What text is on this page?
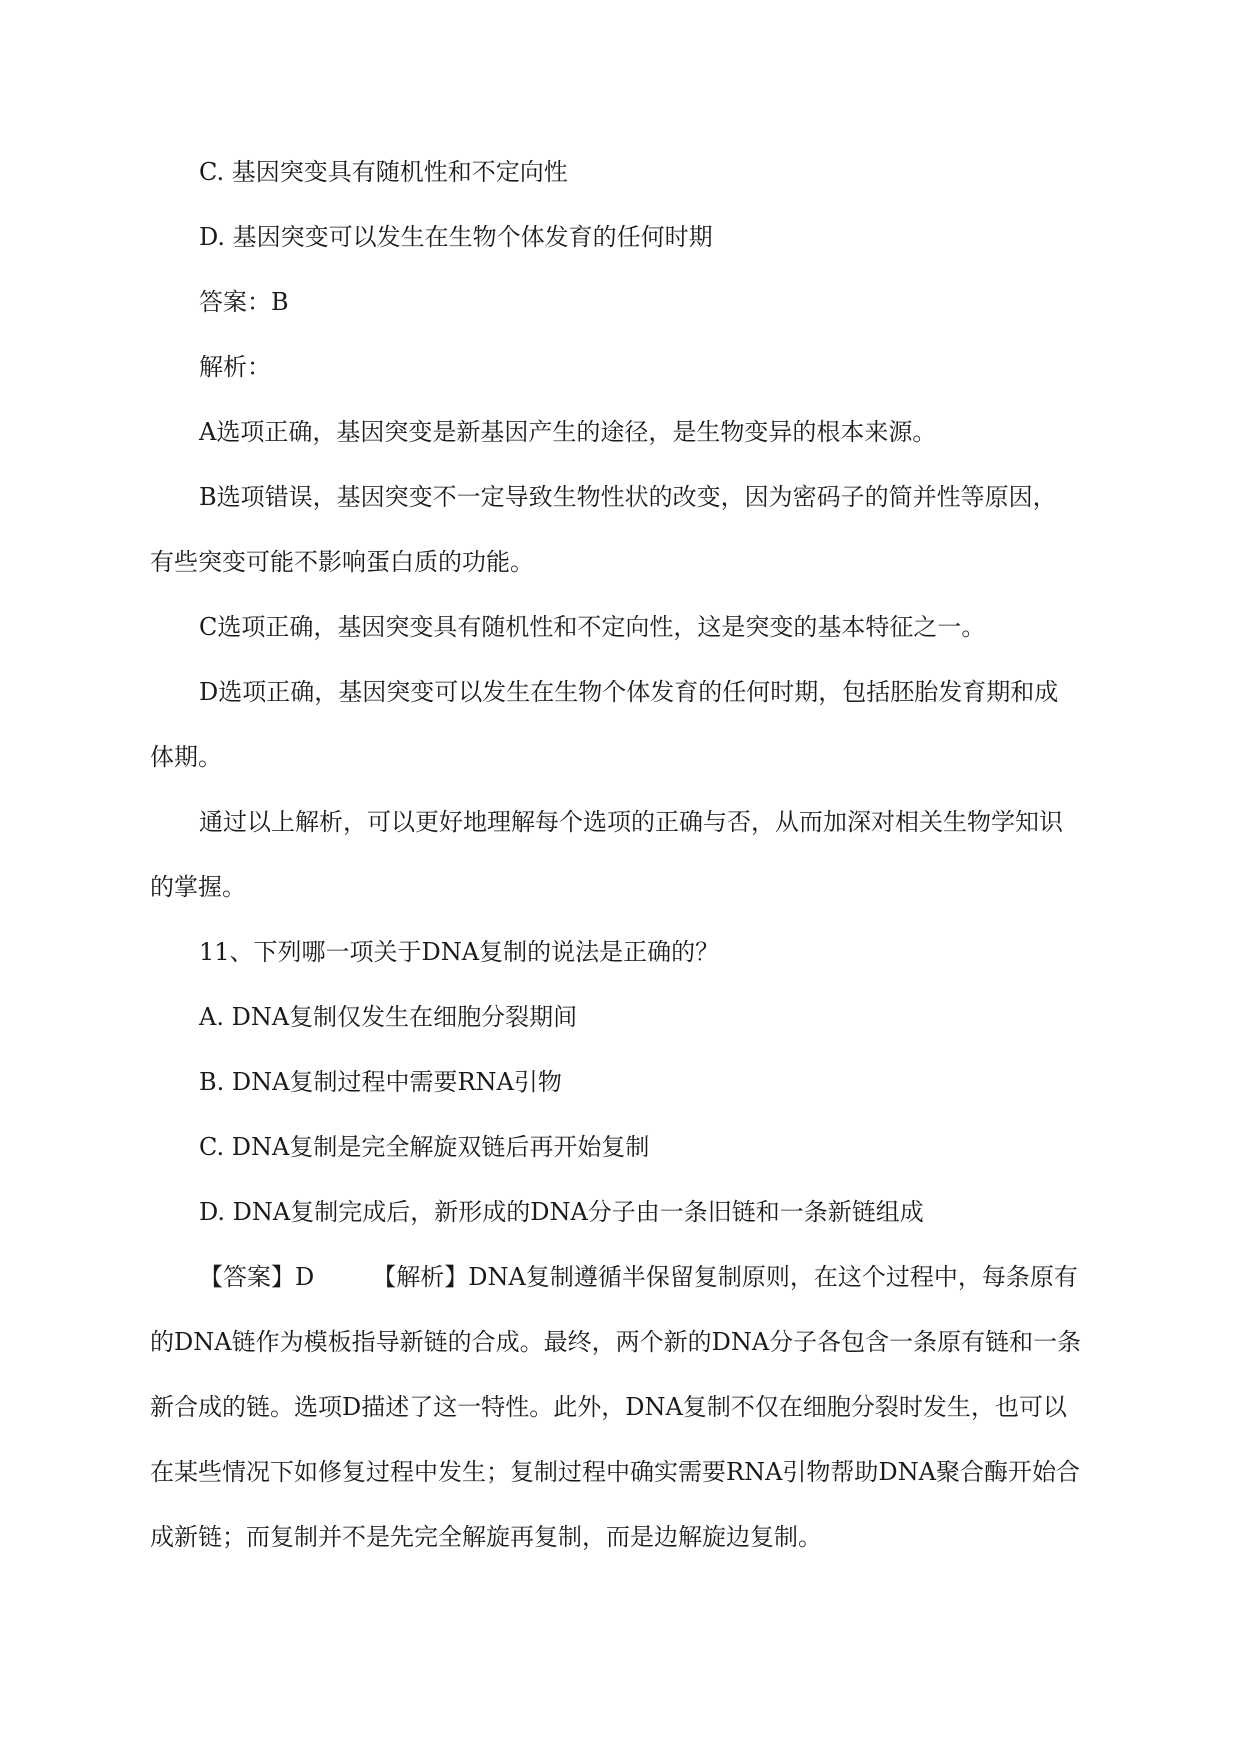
C. 基因突变具有随机性和不定向性
D. 基因突变可以发生在生物个体发育的任何时期
答案：B
解析：
A选项正确，基因突变是新基因产生的途径，是生物变异的根本来源。
B选项错误，基因突变不一定导致生物性状的改变，因为密码子的简并性等原因，
有些突变可能不影响蛋白质的功能。
C选项正确，基因突变具有随机性和不定向性，这是突变的基本特征之一。
D选项正确，基因突变可以发生在生物个体发育的任何时期，包括胚胎发育期和成
体期。
通过以上解析，可以更好地理解每个选项的正确与否，从而加深对相关生物学知识
的掌握。
11、下列哪一项关于DNA复制的说法是正确的？
A. DNA复制仅发生在细胞分裂期间
B. DNA复制过程中需要RNA引物
C. DNA复制是完全解旋双链后再开始复制
D. DNA复制完成后，新形成的DNA分子由一条旧链和一条新链组成
【答案】D 【解析】DNA复制遵循半保留复制原则，在这个过程中，每条原有
的DNA链作为模板指导新链的合成。最终，两个新的DNA分子各包含一条原有链和一条
新合成的链。选项D描述了这一特性。此外，DNA复制不仅在细胞分裂时发生，也可以
在某些情况下如修复过程中发生；复制过程中确实需要RNA引物帮助DNA聚合酶开始合
成新链；而复制并不是先完全解旋再复制，而是边解旋边复制。
